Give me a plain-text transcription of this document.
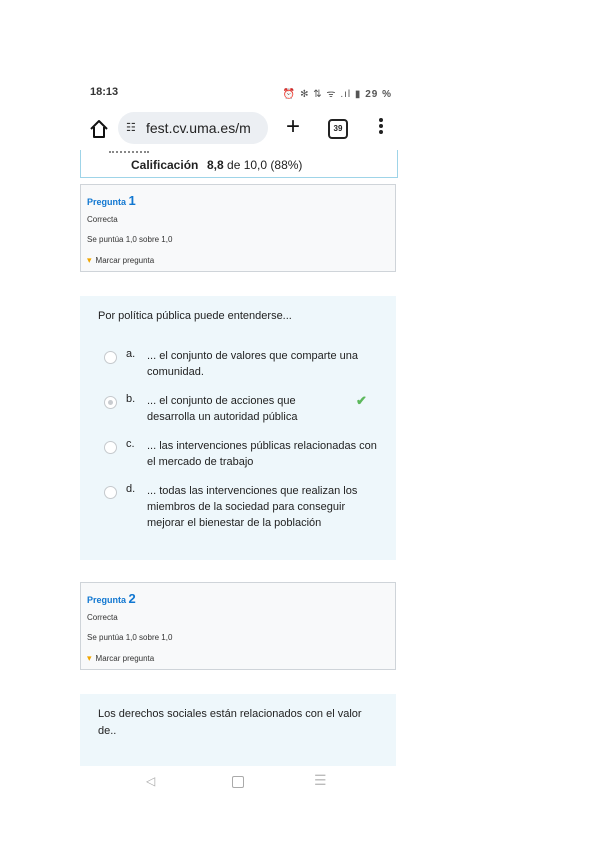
18:13	⏰ ✻ ⇅ ᯤ .ıl ▮ 29 %
☷ fest.cv.uma.es/m +	39
Calificación 8,8 de 10,0 (88%)
Pregunta 1
Correcta
Se puntúa 1,0 sobre 1,0
▾ Marcar pregunta
Por política pública puede entenderse...
a. ... el conjunto de valores que comparte una comunidad.
b. ... el conjunto de acciones que desarrolla un autoridad pública
✔
c. ... las intervenciones públicas relacionadas con el mercado de trabajo
d. ... todas las intervenciones que realizan los miembros de la sociedad para conseguir mejorar el bienestar de la población
Pregunta 2
Correcta
Se puntúa 1,0 sobre 1,0
▾ Marcar pregunta
Los derechos sociales están relacionados con el valor de..
◁	☰
